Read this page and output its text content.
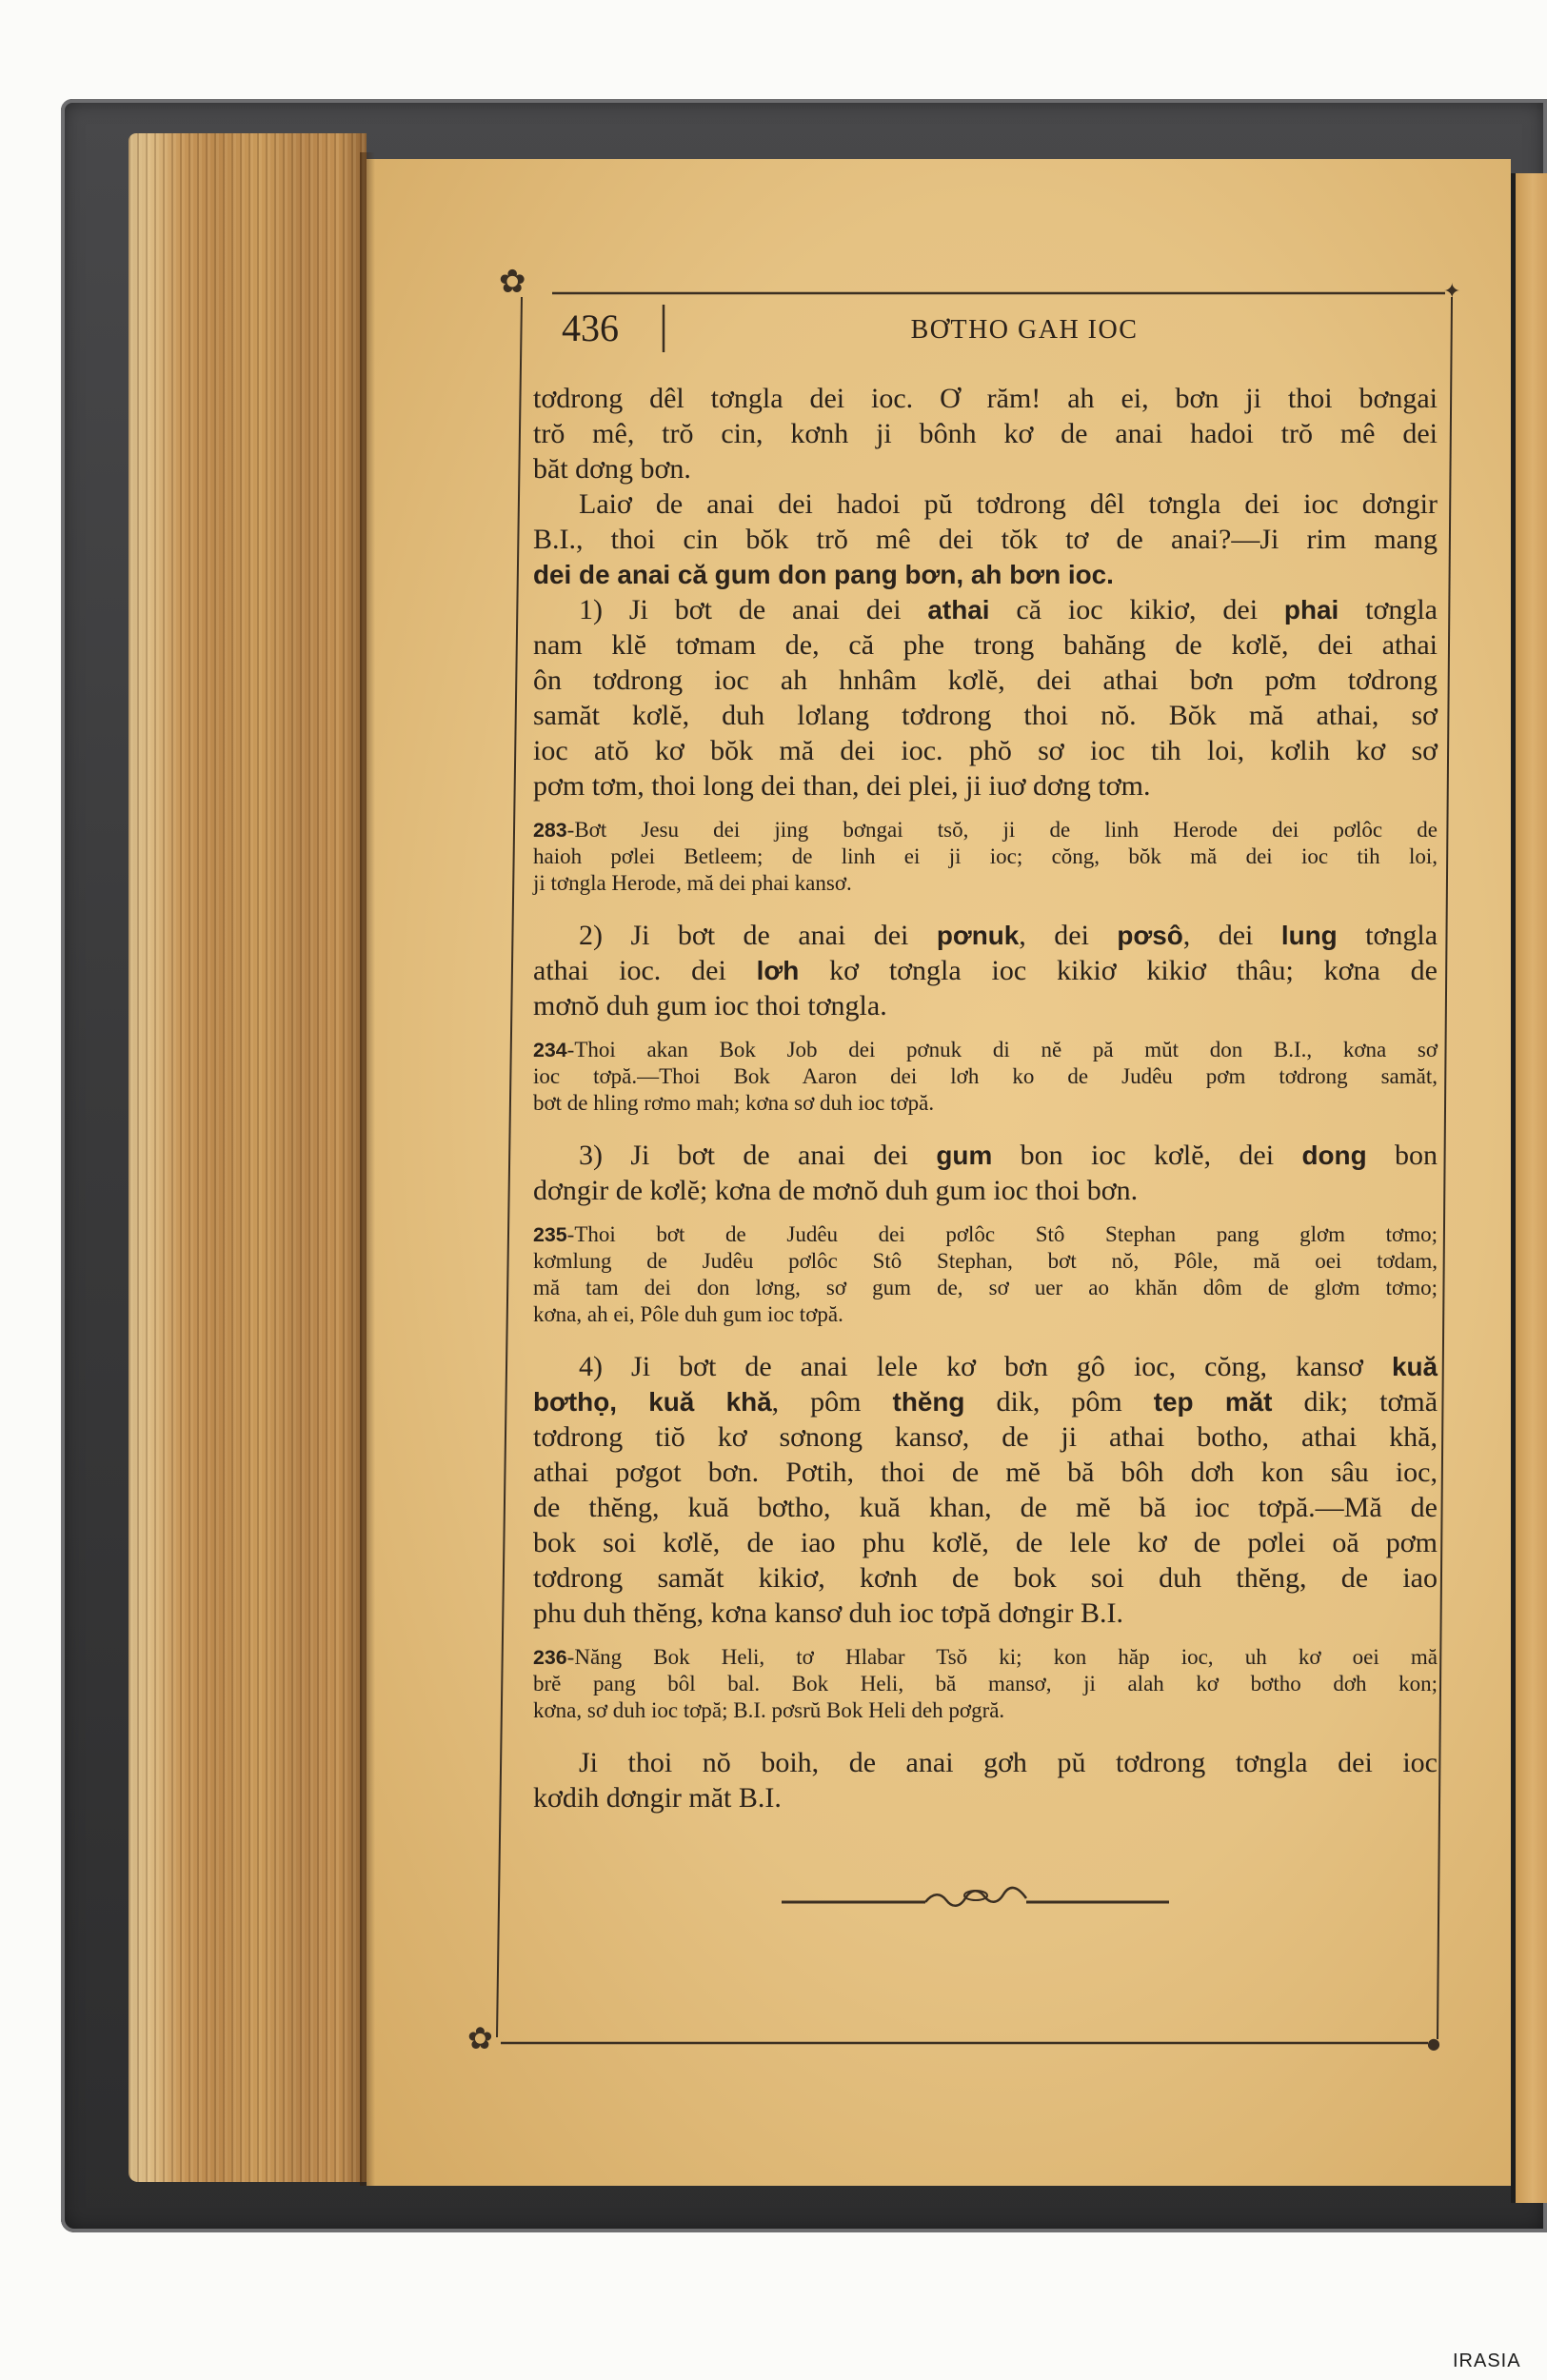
✿
✦
✿
●
436	BƠTHO GAH IOC
tơdrong dêl tơngla dei ioc. Ơ răm! ah ei, bơn ji thoi bơngai
trŏ mê, trŏ cin, kơnh ji bônh kơ de anai hadoi trŏ mê dei
băt dơng bơn.
Laiơ de anai dei hadoi pŭ tơdrong dêl tơngla dei ioc dơngir
B.I., thoi cin bŏk trŏ mê dei tŏk tơ de anai?—Ji rim mang
dei de anai că gum don pang bơn, ah bơn ioc.
1) Ji bơt de anai dei athai că ioc kikiơ, dei phai tơngla
nam klĕ tơmam de, că phe trong bahăng de kơlĕ, dei athai
ôn tơdrong ioc ah hnhâm kơlĕ, dei athai bơn pơm tơdrong
samăt kơlĕ, duh lơlang tơdrong thoi nŏ. Bŏk mă athai, sơ
ioc atŏ kơ bŏk mă dei ioc. phŏ sơ ioc tih loi, kơlih kơ sơ
pơm tơm, thoi long dei than, dei plei, ji iuơ dơng tơm.
283-Bơt Jesu dei jing bơngai tsŏ, ji de linh Herode dei pơlôc de
haioh pơlei Betleem; de linh ei ji ioc; cŏng, bŏk mă dei ioc tih loi,
ji tơngla Herode, mă dei phai kansơ.
2) Ji bơt de anai dei pơnuk, dei pơsô, dei lung tơngla
athai ioc. dei lơh kơ tơngla ioc kikiơ kikiơ thâu; kơna de
mơnŏ duh gum ioc thoi tơngla.
234-Thoi akan Bok Job dei pơnuk di nĕ pă mŭt don B.I., kơna sơ
ioc tơpă.—Thoi Bok Aaron dei lơh ko de Judêu pơm tơdrong samăt,
bơt de hling rơmo mah; kơna sơ duh ioc tơpă.
3) Ji bơt de anai dei gum bon ioc kơlĕ, dei dong bon
dơngir de kơlĕ; kơna de mơnŏ duh gum ioc thoi bơn.
235-Thoi bơt de Judêu dei pơlôc Stô Stephan pang glơm tơmo;
kơmlung de Judêu pơlôc Stô Stephan, bơt nŏ, Pôle, mă oei tơdam,
mă tam dei don lơng, sơ gum de, sơ uer ao khăn dôm de glơm tơmo;
kơna, ah ei, Pôle duh gum ioc tơpă.
4) Ji bơt de anai lele kơ bơn gô ioc, cŏng, kansơ kuă
bơthọ, kuă khă, pôm thĕng dik, pôm tep măt dik; tơmă
tơdrong tiŏ kơ sơnong kansơ, de ji athai botho, athai khă,
athai pơgot bơn. Pơtih, thoi de mĕ bă bôh dơh kon sâu ioc,
de thĕng, kuă bơtho, kuă khan, de mĕ bă ioc tơpă.—Mă de
bok soi kơlĕ, de iao phu kơlĕ, de lele kơ de pơlei oă pơm
tơdrong samăt kikiơ, kơnh de bok soi duh thĕng, de iao
phu duh thĕng, kơna kansơ duh ioc tơpă dơngir B.I.
236-Năng Bok Heli, tơ Hlabar Tsŏ ki; kon hăp ioc, uh kơ oei mă
brĕ pang bôl bal. Bok Heli, bă mansơ, ji alah kơ bơtho dơh kon;
kơna, sơ duh ioc tơpă; B.I. pơsrŭ Bok Heli deh pơgră.
Ji thoi nŏ boih, de anai gơh pŭ tơdrong tơngla dei ioc
kơdih dơngir măt B.I.
IRASIA
